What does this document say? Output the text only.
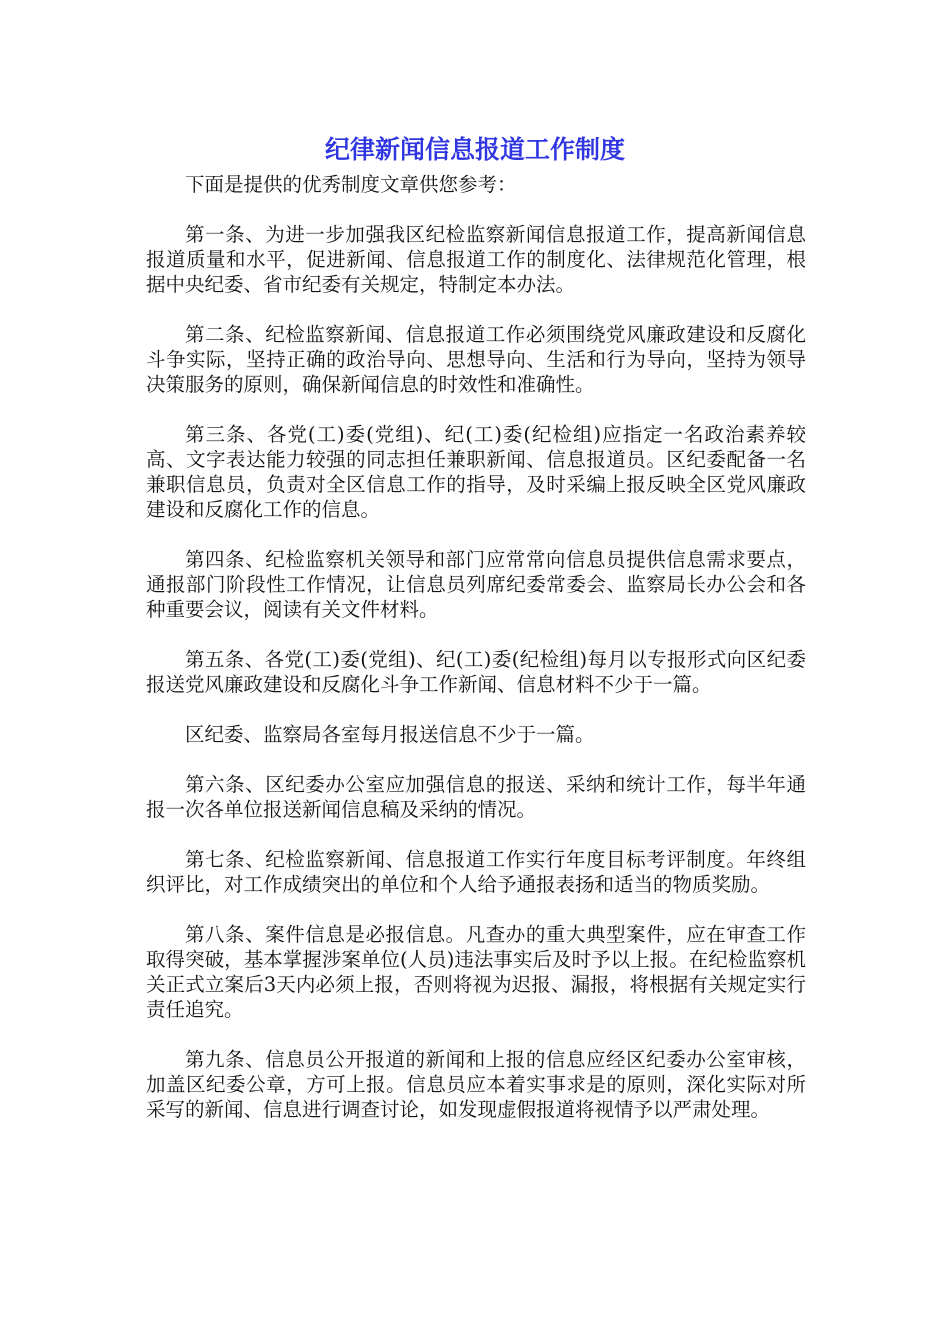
纪律新闻信息报道工作制度

下面是提供的优秀制度文章供您参考：

第一条、为进一步加强我区纪检监察新闻信息报道工作，提高新闻信息报道质量和水平，促进新闻、信息报道工作的制度化、法律规范化管理，根据中央纪委、省市纪委有关规定，特制定本办法。

第二条、纪检监察新闻、信息报道工作必须围绕党风廉政建设和反腐化斗争实际，坚持正确的政治导向、思想导向、生活和行为导向，坚持为领导决策服务的原则，确保新闻信息的时效性和准确性。

第三条、各党(工)委(党组)、纪(工)委(纪检组)应指定一名政治素养较高、文字表达能力较强的同志担任兼职新闻、信息报道员。区纪委配备一名兼职信息员，负责对全区信息工作的指导，及时采编上报反映全区党风廉政建设和反腐化工作的信息。

第四条、纪检监察机关领导和部门应常常向信息员提供信息需求要点，通报部门阶段性工作情况，让信息员列席纪委常委会、监察局长办公会和各种重要会议，阅读有关文件材料。

第五条、各党(工)委(党组)、纪(工)委(纪检组)每月以专报形式向区纪委报送党风廉政建设和反腐化斗争工作新闻、信息材料不少于一篇。

区纪委、监察局各室每月报送信息不少于一篇。

第六条、区纪委办公室应加强信息的报送、采纳和统计工作，每半年通报一次各单位报送新闻信息稿及采纳的情况。

第七条、纪检监察新闻、信息报道工作实行年度目标考评制度。年终组织评比，对工作成绩突出的单位和个人给予通报表扬和适当的物质奖励。

第八条、案件信息是必报信息。凡查办的重大典型案件，应在审查工作取得突破，基本掌握涉案单位(人员)违法事实后及时予以上报。在纪检监察机关正式立案后3天内必须上报，否则将视为迟报、漏报，将根据有关规定实行责任追究。

第九条、信息员公开报道的新闻和上报的信息应经区纪委办公室审核，加盖区纪委公章，方可上报。信息员应本着实事求是的原则，深化实际对所采写的新闻、信息进行调查讨论，如发现虚假报道将视情予以严肃处理。
